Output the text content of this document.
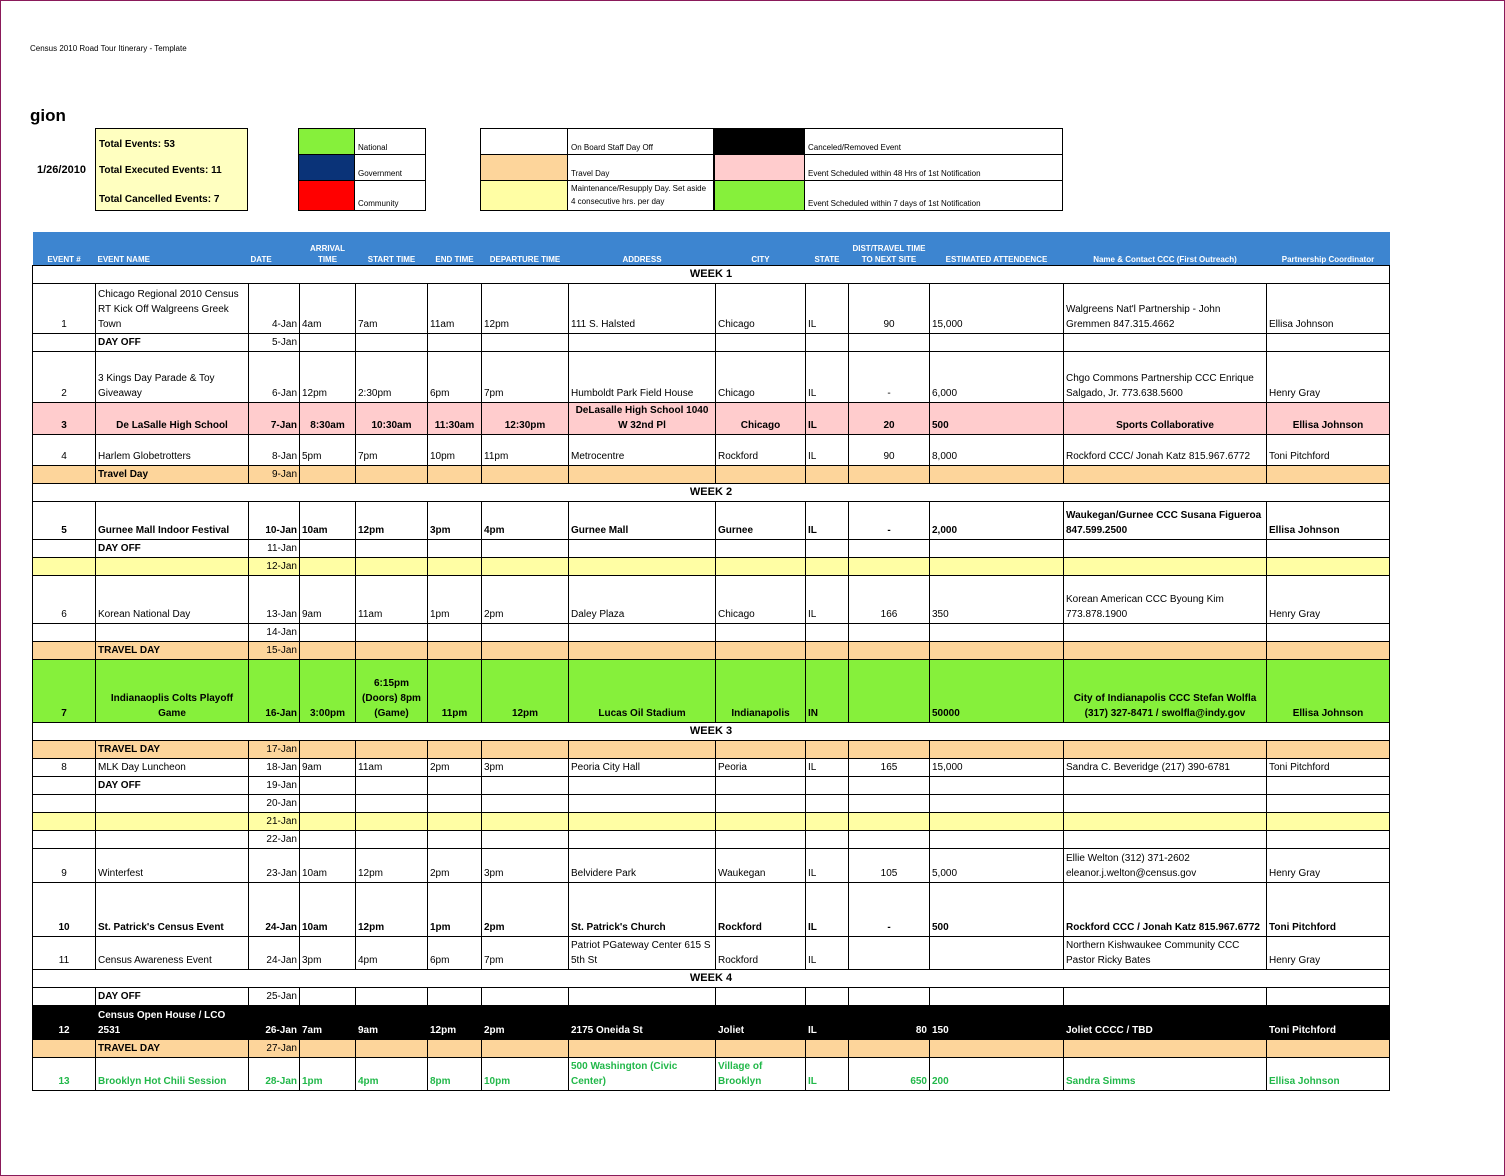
Census 2010 Road Tour Itinerary - Template
gion
1/26/2010
Total Events: 53
Total Executed Events: 11
Total Cancelled Events: 7
National
Government
Community
On Board Staff Day Off
Travel Day
Maintenance/Resupply Day. Set aside 4 consecutive hrs. per day
Canceled/Removed Event
Event Scheduled within 48 Hrs of 1st Notification
Event Scheduled within 7 days of 1st Notification
EVENT #	EVENT NAME	DATE	ARRIVAL TIME	START TIME	END TIME	DEPARTURE TIME	ADDRESS	CITY	STATE	DIST/TRAVEL TIME TO NEXT SITE	ESTIMATED ATTENDENCE	Name & Contact CCC (First Outreach)	Partnership Coordinator
WEEK 1													
1	Chicago Regional 2010 Census RT Kick Off Walgreens Greek Town	4-Jan	4am	7am	11am	12pm	111 S. Halsted	Chicago	IL	90	15,000	Walgreens Nat'l Partnership - John Gremmen 847.315.4662	Ellisa Johnson
	DAY OFF	5-Jan											
2	3 Kings Day Parade & Toy Giveaway	6-Jan	12pm	2:30pm	6pm	7pm	Humboldt Park Field House	Chicago	IL	-	6,000	Chgo Commons Partnership CCC Enrique Salgado, Jr. 773.638.5600	Henry Gray
3	De LaSalle High School	7-Jan	8:30am	10:30am	11:30am	12:30pm	DeLasalle High School 1040 W 32nd Pl	Chicago	IL	20	500	Sports Collaborative	Ellisa Johnson
4	Harlem Globetrotters	8-Jan	5pm	7pm	10pm	11pm	Metrocentre	Rockford	IL	90	8,000	Rockford CCC/ Jonah Katz 815.967.6772	Toni Pitchford
	Travel Day	9-Jan											
WEEK 2													
5	Gurnee Mall Indoor Festival	10-Jan	10am	12pm	3pm	4pm	Gurnee Mall	Gurnee	IL	-	2,000	Waukegan/Gurnee CCC Susana Figueroa 847.599.2500	Ellisa Johnson
	DAY OFF	11-Jan											
		12-Jan											
6	Korean National Day	13-Jan	9am	11am	1pm	2pm	Daley Plaza	Chicago	IL	166	350	Korean American CCC Byoung Kim 773.878.1900	Henry Gray
		14-Jan											
	TRAVEL DAY	15-Jan											
7	Indianaoplis Colts Playoff Game	16-Jan	3:00pm	6:15pm (Doors) 8pm (Game)	11pm	12pm	Lucas Oil Stadium	Indianapolis	IN		50000	City of Indianapolis CCC Stefan Wolfla (317) 327-8471 / swolfla@indy.gov	Ellisa Johnson
WEEK 3													
	TRAVEL DAY	17-Jan											
8	MLK Day Luncheon	18-Jan	9am	11am	2pm	3pm	Peoria City Hall	Peoria	IL	165	15,000	Sandra C. Beveridge (217) 390-6781	Toni Pitchford
	DAY OFF	19-Jan											
		20-Jan											
		21-Jan											
		22-Jan											
9	Winterfest	23-Jan	10am	12pm	2pm	3pm	Belvidere Park	Waukegan	IL	105	5,000	Ellie Welton (312) 371-2602 eleanor.j.welton@census.gov	Henry Gray
10	St. Patrick's Census Event	24-Jan	10am	12pm	1pm	2pm	St. Patrick's Church	Rockford	IL	-	500	Rockford CCC / Jonah Katz 815.967.6772	Toni Pitchford
11	Census Awareness Event	24-Jan	3pm	4pm	6pm	7pm	Patriot PGateway Center 615 S 5th St	Rockford	IL			Northern Kishwaukee Community CCC Pastor Ricky Bates	Henry Gray
WEEK 4													
	DAY OFF	25-Jan											
12	Census Open House / LCO 2531	26-Jan	7am	9am	12pm	2pm	2175 Oneida St	Joliet	IL	80	150	Joliet CCCC / TBD	Toni Pitchford
	TRAVEL DAY	27-Jan											
13	Brooklyn Hot Chili Session	28-Jan	1pm	4pm	8pm	10pm	500 Washington (Civic Center)	Village of Brooklyn	IL	650	200	Sandra Simms	Ellisa Johnson
